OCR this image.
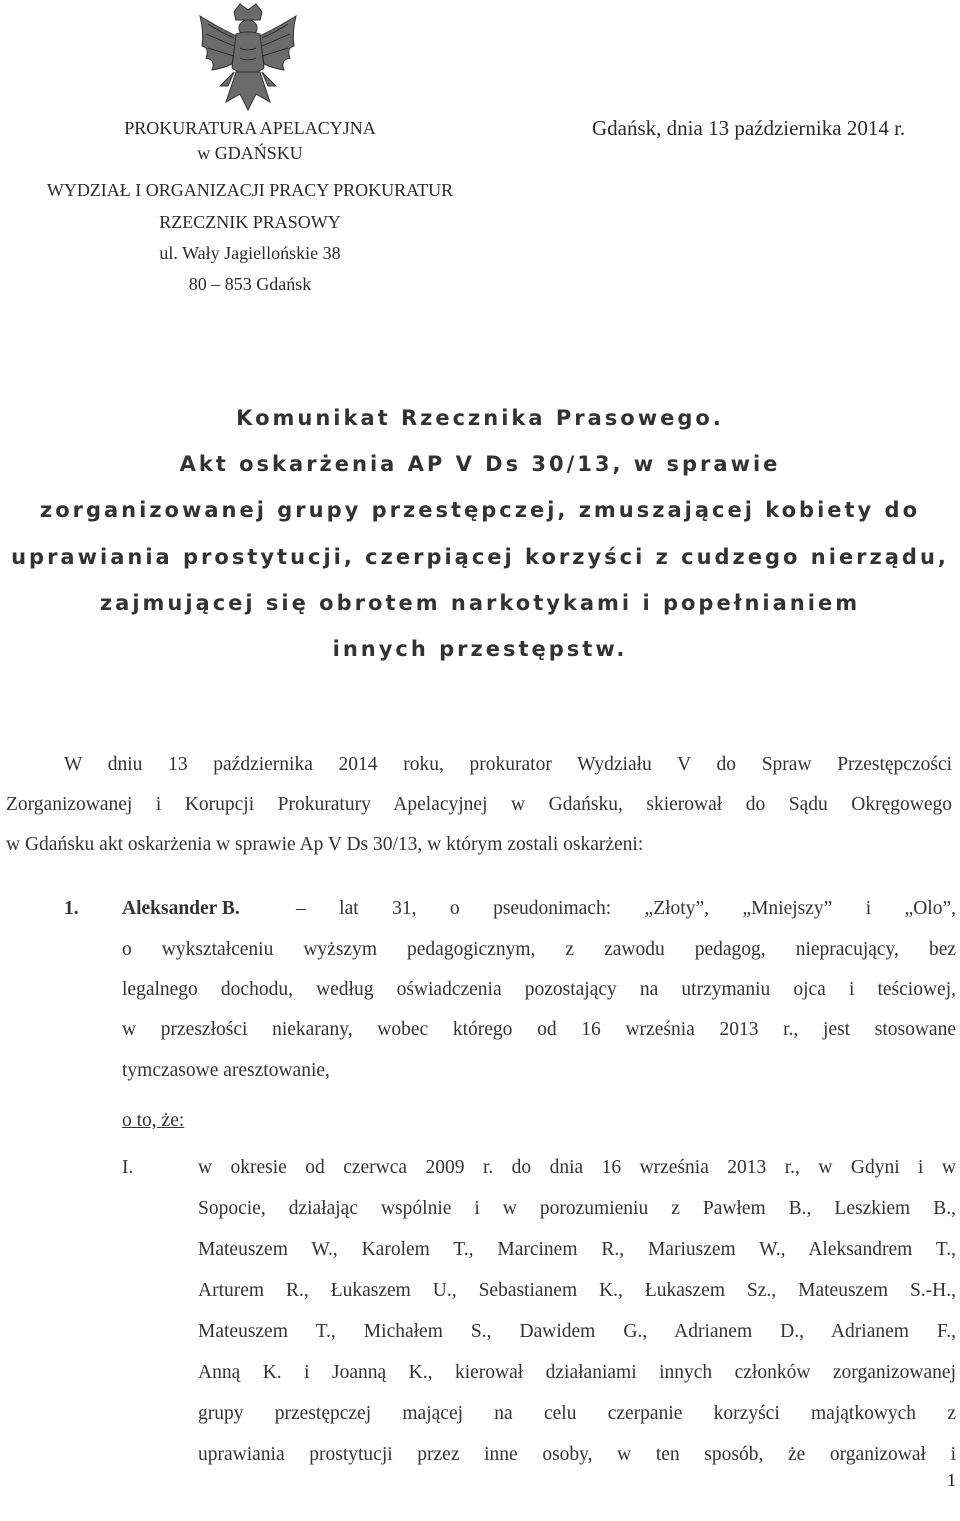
PROKURATURA APELACYJNA
w GDAŃSKU
WYDZIAŁ I ORGANIZACJI PRACY PROKURATUR
RZECZNIK PRASOWY
ul. Wały Jagiellońskie 38
80 – 853 Gdańsk
Gdańsk, dnia 13 października 2014 r.
Komunikat Rzecznika Prasowego.
Akt oskarżenia AP V Ds 30/13, w sprawie
zorganizowanej grupy przestępczej, zmuszającej kobiety do
uprawiania prostytucji, czerpiącej korzyści z cudzego nierządu,
zajmującej się obrotem narkotykami i popełnianiem
innych przestępstw.
W dniu 13 października 2014 roku, prokurator Wydziału V do Spraw Przestępczości
Zorganizowanej i Korupcji Prokuratury Apelacyjnej w Gdańsku, skierował do Sądu Okręgowego
w Gdańsku akt oskarżenia w sprawie Ap V Ds 30/13, w którym zostali oskarżeni:
1. Aleksander B.	– lat 31, o pseudonimach: „Złoty”, „Mniejszy” i „Olo”,
o wykształceniu wyższym pedagogicznym, z zawodu pedagog, niepracujący, bez
legalnego dochodu, według oświadczenia pozostający na utrzymaniu ojca i teściowej,
w przeszłości niekarany, wobec którego od 16 września 2013 r., jest stosowane
tymczasowe aresztowanie,
o to, że:
I.	w okresie od czerwca 2009 r. do dnia 16 września 2013 r., w Gdyni i w
Sopocie, działając wspólnie i w porozumieniu z Pawłem B., Leszkiem B.,
Mateuszem W., Karolem T., Marcinem R., Mariuszem W., Aleksandrem T.,
Arturem R., Łukaszem U., Sebastianem K., Łukaszem Sz., Mateuszem S.-H.,
Mateuszem T., Michałem S., Dawidem G., Adrianem D., Adrianem F.,
Anną K. i Joanną K., kierował działaniami innych członków zorganizowanej
grupy przestępczej mającej na celu czerpanie korzyści majątkowych z
uprawiania prostytucji przez inne osoby, w ten sposób, że organizował i
1
